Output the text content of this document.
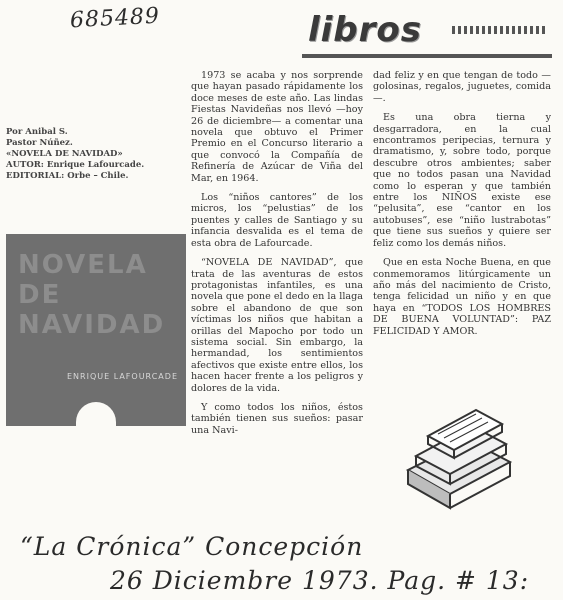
685489	libros
Por Anibal S.
Pastor Núñez.
«NOVELA DE NAVIDAD»
AUTOR: Enrique Lafourcade.
EDITORIAL: Orbe – Chile.
NOVELA DE NAVIDAD
ENRIQUE LAFOURCADE

1973 se acaba y nos sorprende que hayan pasado rápidamente los doce meses de este año. Las lindas Fiestas Navideñas nos llevó —hoy 26 de diciembre— a comentar una novela que obtuvo el Primer Premio en el Concurso literario a que convocó la Compañía de Refinería de Azúcar de Viña del Mar, en 1964.

Los “niños cantores” de los micros, los “pelustias” de los puentes y calles de Santiago y su infancia desvalida es el tema de esta obra de Lafourcade.

“NOVELA DE NAVIDAD”, que trata de las aventuras de estos protagonistas infantiles, es una novela que pone el dedo en la llaga sobre el abandono de que son víctimas los niños que habitan a orillas del Mapocho por todo un sistema social. Sin embargo, la hermandad, los sentimientos afectivos que existe entre ellos, los hacen hacer frente a los peligros y dolores de la vida.

Y como todos los niños, éstos también tienen sus sueños: pasar una Navi-

dad feliz y en que tengan de todo —golosinas, regalos, juguetes, comida—.

Es una obra tierna y desgarradora, en la cual encontramos peripecias, ternura y dramatismo, y, sobre todo, porque descubre otros ambientes; saber que no todos pasan una Navidad como lo esperan y que también entre los NIÑOS existe ese “pelusita”, ese “cantor en los autobuses”, ese “niño lustrabotas” que tiene sus sueños y quiere ser feliz como los demás niños.

Que en esta Noche Buena, en que conmemoramos litúrgicamente un año más del nacimiento de Cristo, tenga felicidad un niño y en que haya en “TODOS LOS HOMBRES DE BUENA VOLUNTAD”: PAZ FELICIDAD Y AMOR.

“La Crónica” Concepción
26 Diciembre 1973. Pag. # 13:
